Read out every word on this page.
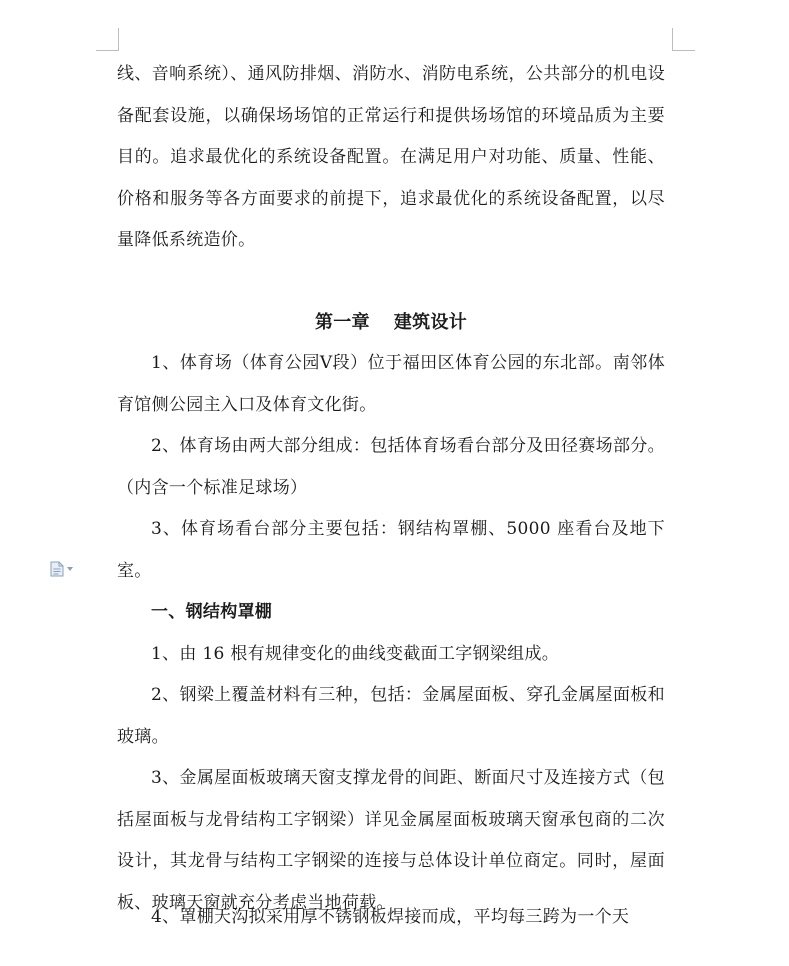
线、音响系统）、通风防排烟、消防水、消防电系统，公共部分的机电设备配套设施，以确保场场馆的正常运行和提供场场馆的环境品质为主要目的。追求最优化的系统设备配置。在满足用户对功能、质量、性能、价格和服务等各方面要求的前提下，追求最优化的系统设备配置，以尽量降低系统造价。

第一章 建筑设计

1、体育场（体育公园Ⅴ段）位于福田区体育公园的东北部。南邻体育馆侧公园主入口及体育文化街。

2、体育场由两大部分组成：包括体育场看台部分及田径赛场部分。（内含一个标准足球场）

3、体育场看台部分主要包括：钢结构罩棚、5000 座看台及地下室。

一、钢结构罩棚

1、由 16 根有规律变化的曲线变截面工字钢梁组成。

2、钢梁上覆盖材料有三种，包括：金属屋面板、穿孔金属屋面板和玻璃。

3、金属屋面板玻璃天窗支撑龙骨的间距、断面尺寸及连接方式（包括屋面板与龙骨结构工字钢梁）详见金属屋面板玻璃天窗承包商的二次设计，其龙骨与结构工字钢梁的连接与总体设计单位商定。同时，屋面板、玻璃天窗就充分考虑当地荷载。

4、罩棚天沟拟采用厚不锈钢板焊接而成，平均每三跨为一个天
